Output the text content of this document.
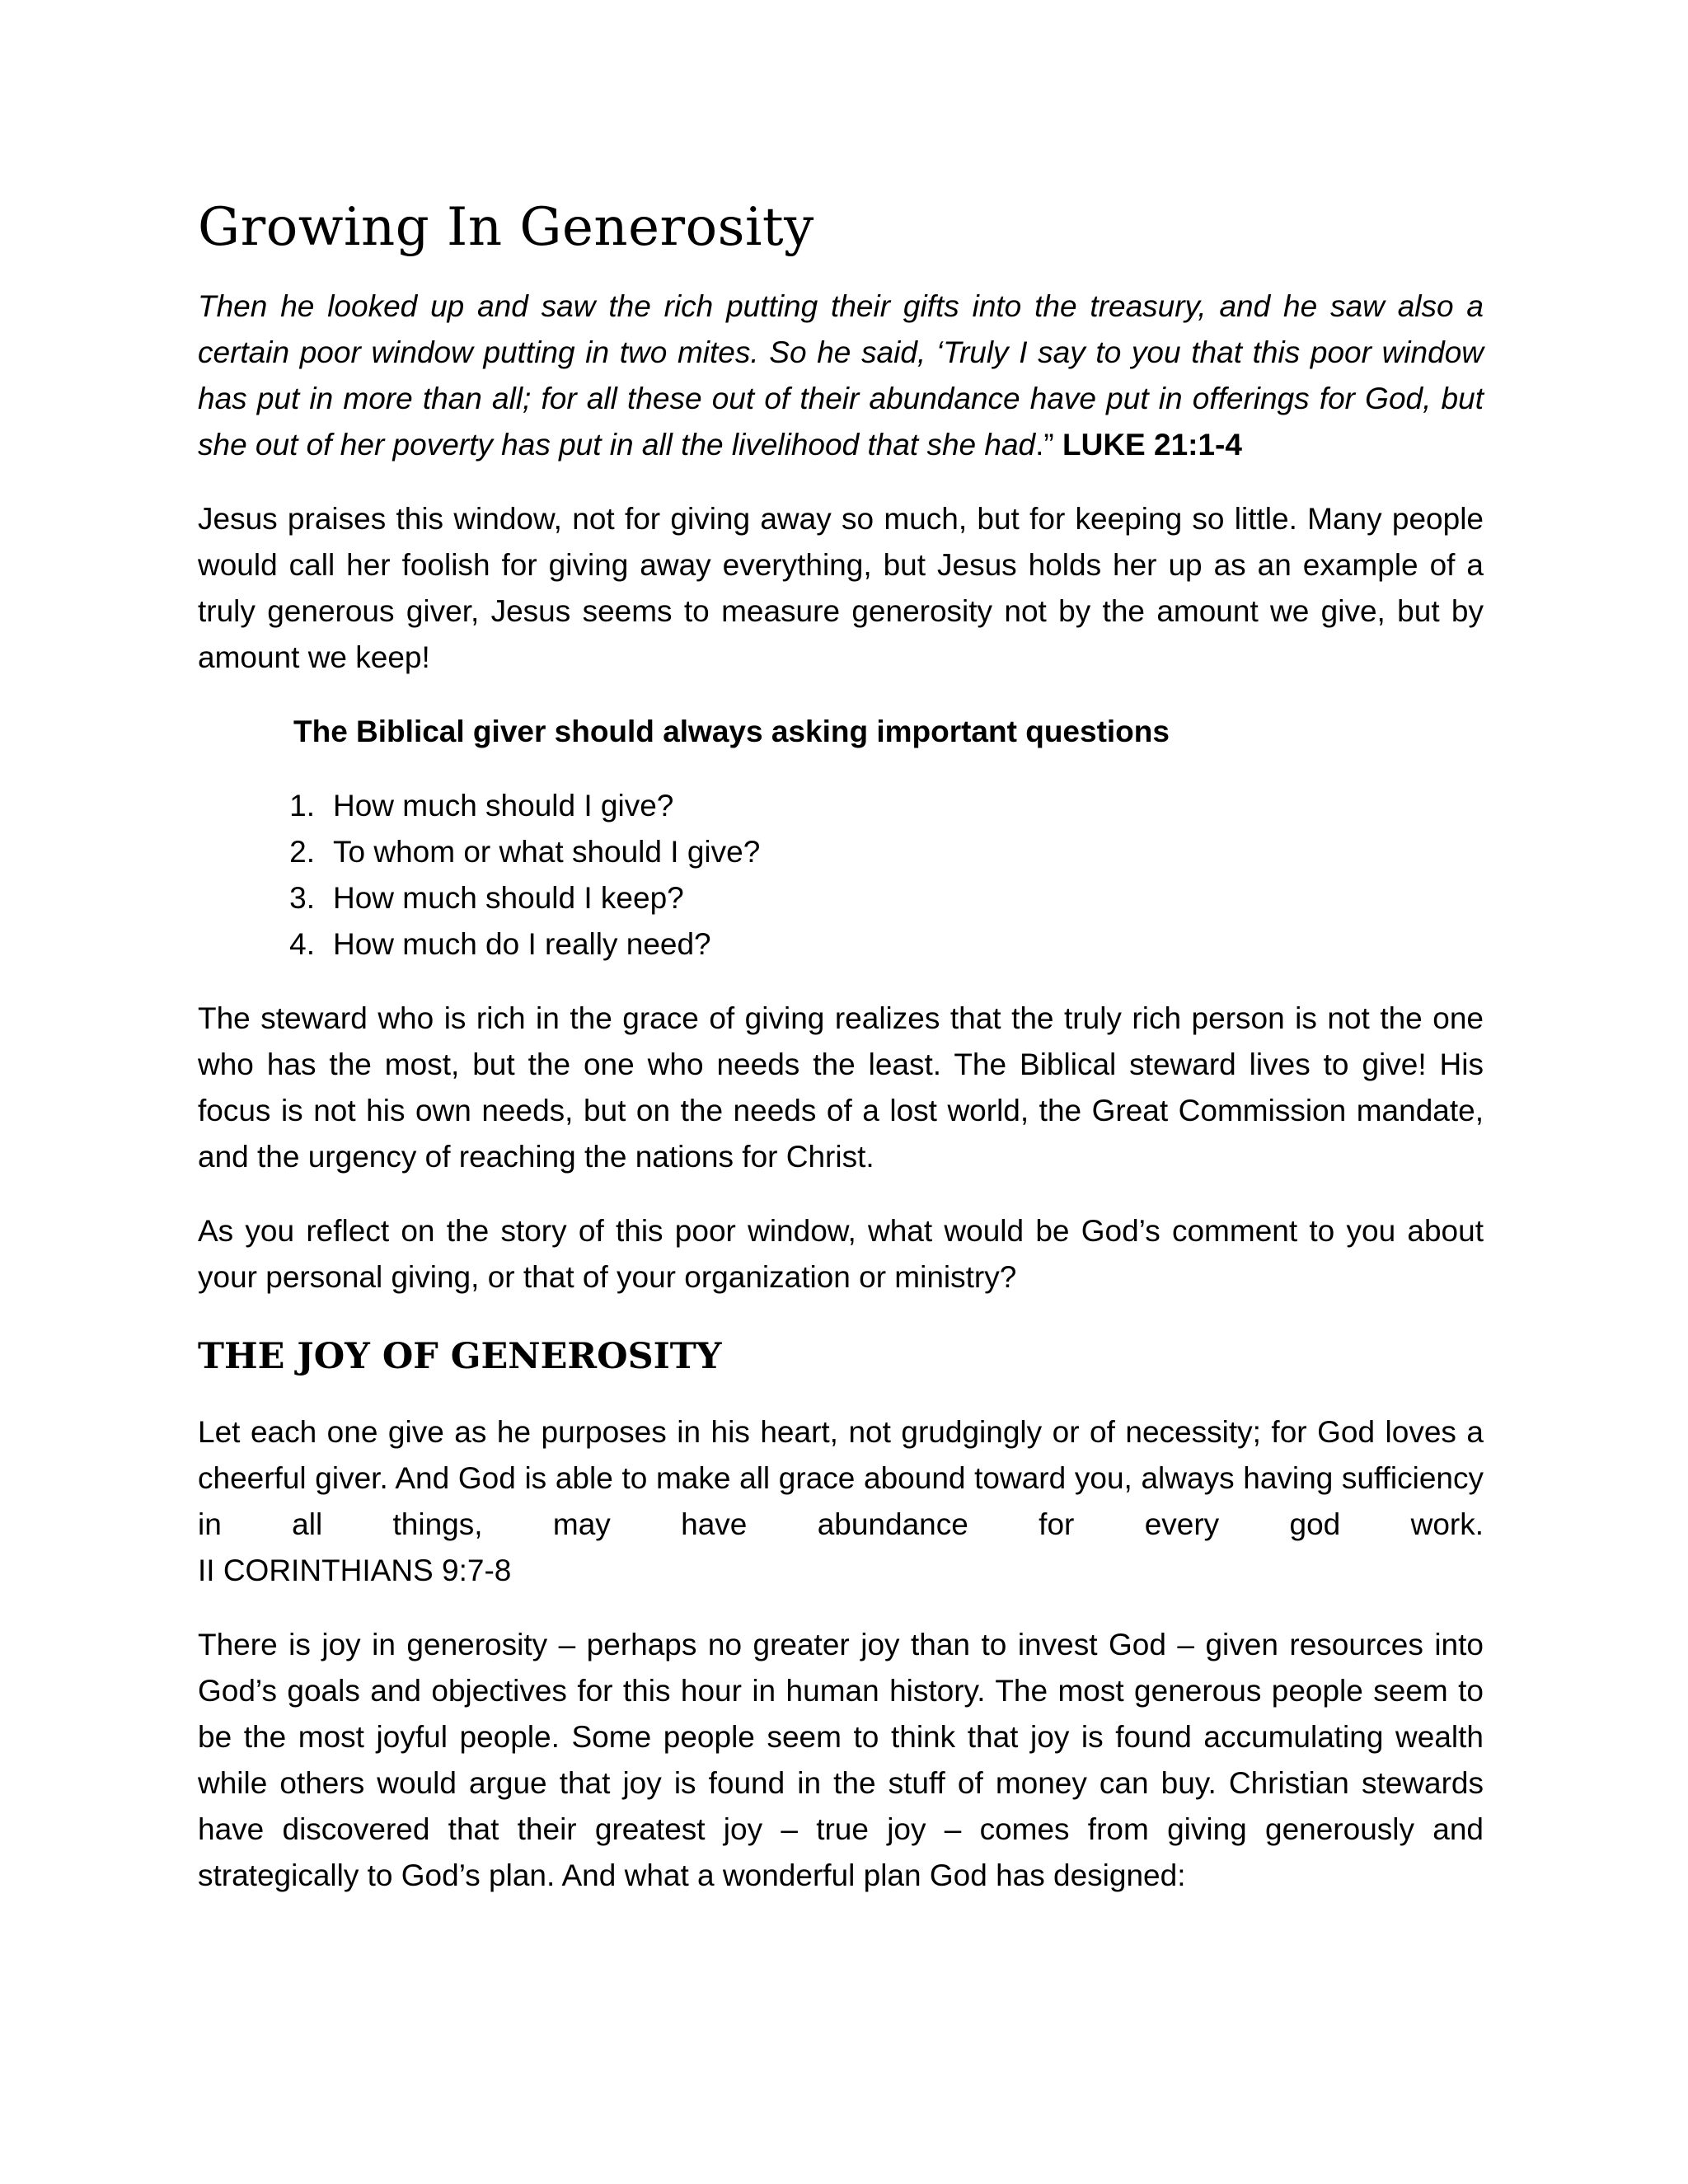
Growing In Generosity

Then he looked up and saw the rich putting their gifts into the treasury, and he saw also a certain poor window putting in two mites. So he said, ‘Truly I say to you that this poor window has put in more than all; for all these out of their abundance have put in offerings for God, but she out of her poverty has put in all the livelihood that she had.” LUKE 21:1-4

Jesus praises this window, not for giving away so much, but for keeping so little. Many people would call her foolish for giving away everything, but Jesus holds her up as an example of a truly generous giver, Jesus seems to measure generosity not by the amount we give, but by amount we keep!

The Biblical giver should always asking important questions
1. How much should I give?
2. To whom or what should I give?
3. How much should I keep?
4. How much do I really need?

The steward who is rich in the grace of giving realizes that the truly rich person is not the one who has the most, but the one who needs the least. The Biblical steward lives to give! His focus is not his own needs, but on the needs of a lost world, the Great Commission mandate, and the urgency of reaching the nations for Christ.

As you reflect on the story of this poor window, what would be God’s comment to you about your personal giving, or that of your organization or ministry?

THE JOY OF GENEROSITY

Let each one give as he purposes in his heart, not grudgingly or of necessity; for God loves a cheerful giver. And God is able to make all grace abound toward you, always having sufficiency in all things, may have abundance for every god work.

II CORINTHIANS 9:7-8

There is joy in generosity – perhaps no greater joy than to invest God – given resources into God’s goals and objectives for this hour in human history. The most generous people seem to be the most joyful people. Some people seem to think that joy is found accumulating wealth while others would argue that joy is found in the stuff of money can buy. Christian stewards have discovered that their greatest joy – true joy – comes from giving generously and strategically to God’s plan. And what a wonderful plan God has designed:
